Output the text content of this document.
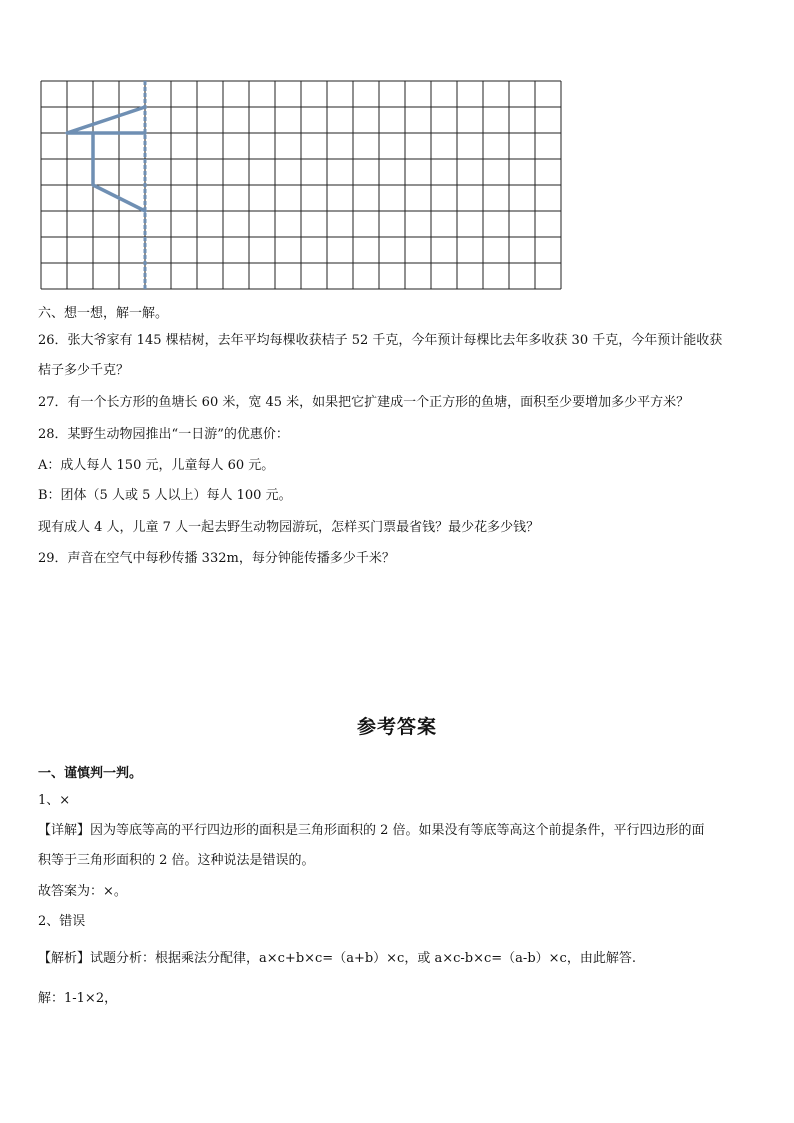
六、想一想，解一解。
26．张大爷家有 145 棵桔树，去年平均每棵收获桔子 52 千克，今年预计每棵比去年多收获 30 千克，今年预计能收获
桔子多少千克？
27．有一个长方形的鱼塘长 60 米，宽 45 米，如果把它扩建成一个正方形的鱼塘，面积至少要增加多少平方米？
28．某野生动物园推出“一日游”的优惠价：
A：成人每人 150 元，儿童每人 60 元。
B：团体（5 人或 5 人以上）每人 100 元。
现有成人 4 人，儿童 7 人一起去野生动物园游玩，怎样买门票最省钱？最少花多少钱？
29．声音在空气中每秒传播 332m，每分钟能传播多少千米？
参考答案
一、谨慎判一判。
1、×
【详解】因为等底等高的平行四边形的面积是三角形面积的 2 倍。如果没有等底等高这个前提条件，平行四边形的面
积等于三角形面积的 2 倍。这种说法是错误的。
故答案为：×。
2、错误
【解析】试题分析：根据乘法分配律，a×c+b×c=（a+b）×c，或 a×c-b×c=（a-b）×c，由此解答.
解：1-1×2，
